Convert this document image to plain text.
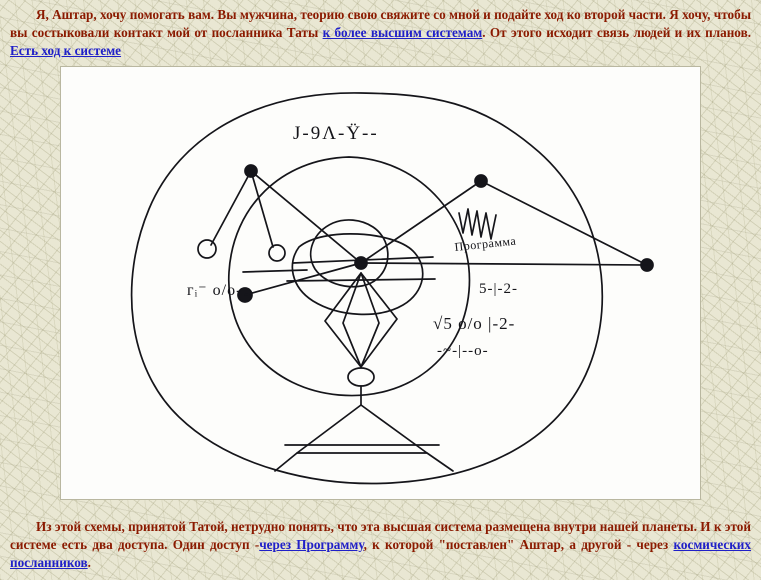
Я, Аштар, хочу помогать вам. Вы мужчина, теорию свою свяжите со мной и подайте ход ко второй части. Я хочу, чтобы вы состыковали контакт мой от посланника Таты к более высшим системам. От этого исходит связь людей и их планов. Есть ход к системе
Ј-9Λ-Ÿ--
ᴦᵢ⁻ о/о-
Программа
5-|-2-
√5 о/о |-2-
-~-|--о-
Из этой схемы, принятой Татой, нетрудно понять, что эта высшая система размещена внутри нашей планеты. И к этой системе есть два доступа. Один доступ -через Программу, к которой "поставлен" Аштар, а другой - через космических посланников.
